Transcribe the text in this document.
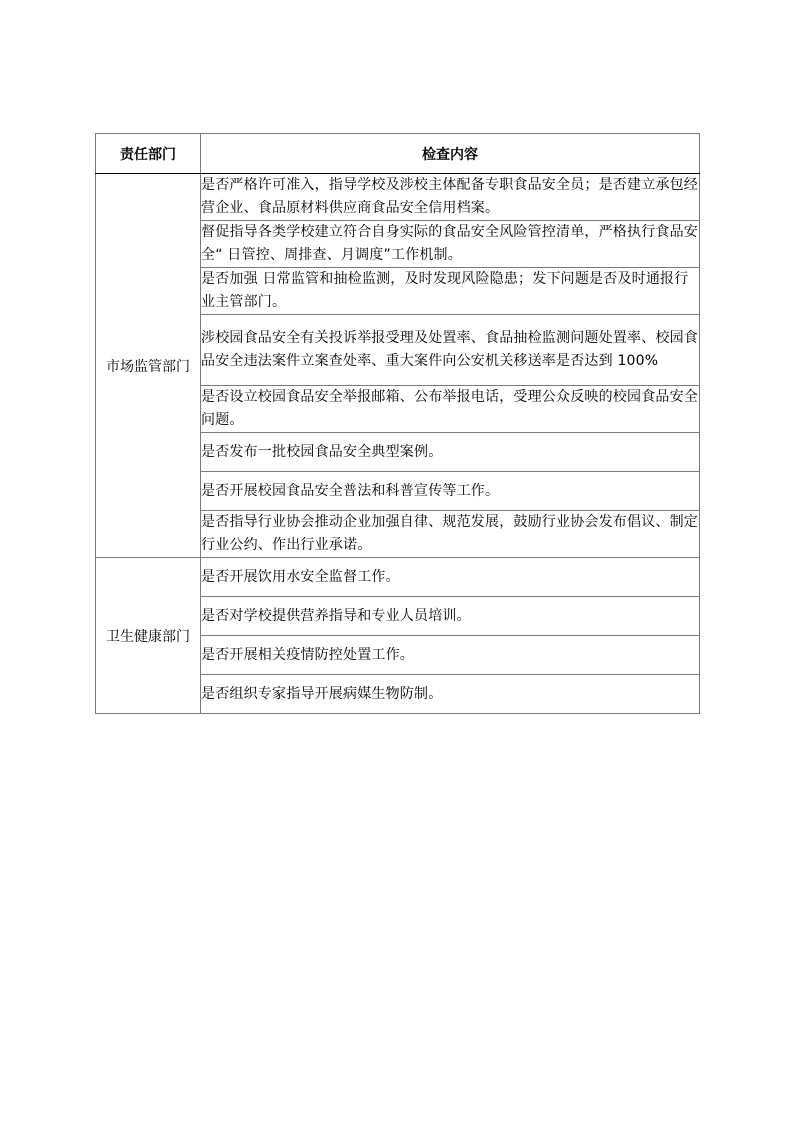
责任部门	检查内容
市场监管部门	是否严格许可准入，指导学校及涉校主体配备专职食品安全员；是否建立承包经营企业、食品原材料供应商食品安全信用档案。
	督促指导各类学校建立符合自身实际的食品安全风险管控清单，严格执行食品安全“ 日管控、周排查、月调度”工作机制。
	是否加强 日常监管和抽检监测，及时发现风险隐患；发下问题是否及时通报行业主管部门。
	涉校园食品安全有关投诉举报受理及处置率、食品抽检监测问题处置率、校园食品安全违法案件立案查处率、重大案件向公安机关移送率是否达到 100%
	是否设立校园食品安全举报邮箱、公布举报电话，受理公众反映的校园食品安全问题。
	是否发布一批校园食品安全典型案例。
	是否开展校园食品安全普法和科普宣传等工作。
	是否指导行业协会推动企业加强自律、规范发展，鼓励行业协会发布倡议、制定行业公约、作出行业承诺。
卫生健康部门	是否开展饮用水安全监督工作。
	是否对学校提供营养指导和专业人员培训。
	是否开展相关疫情防控处置工作。
	是否组织专家指导开展病媒生物防制。
